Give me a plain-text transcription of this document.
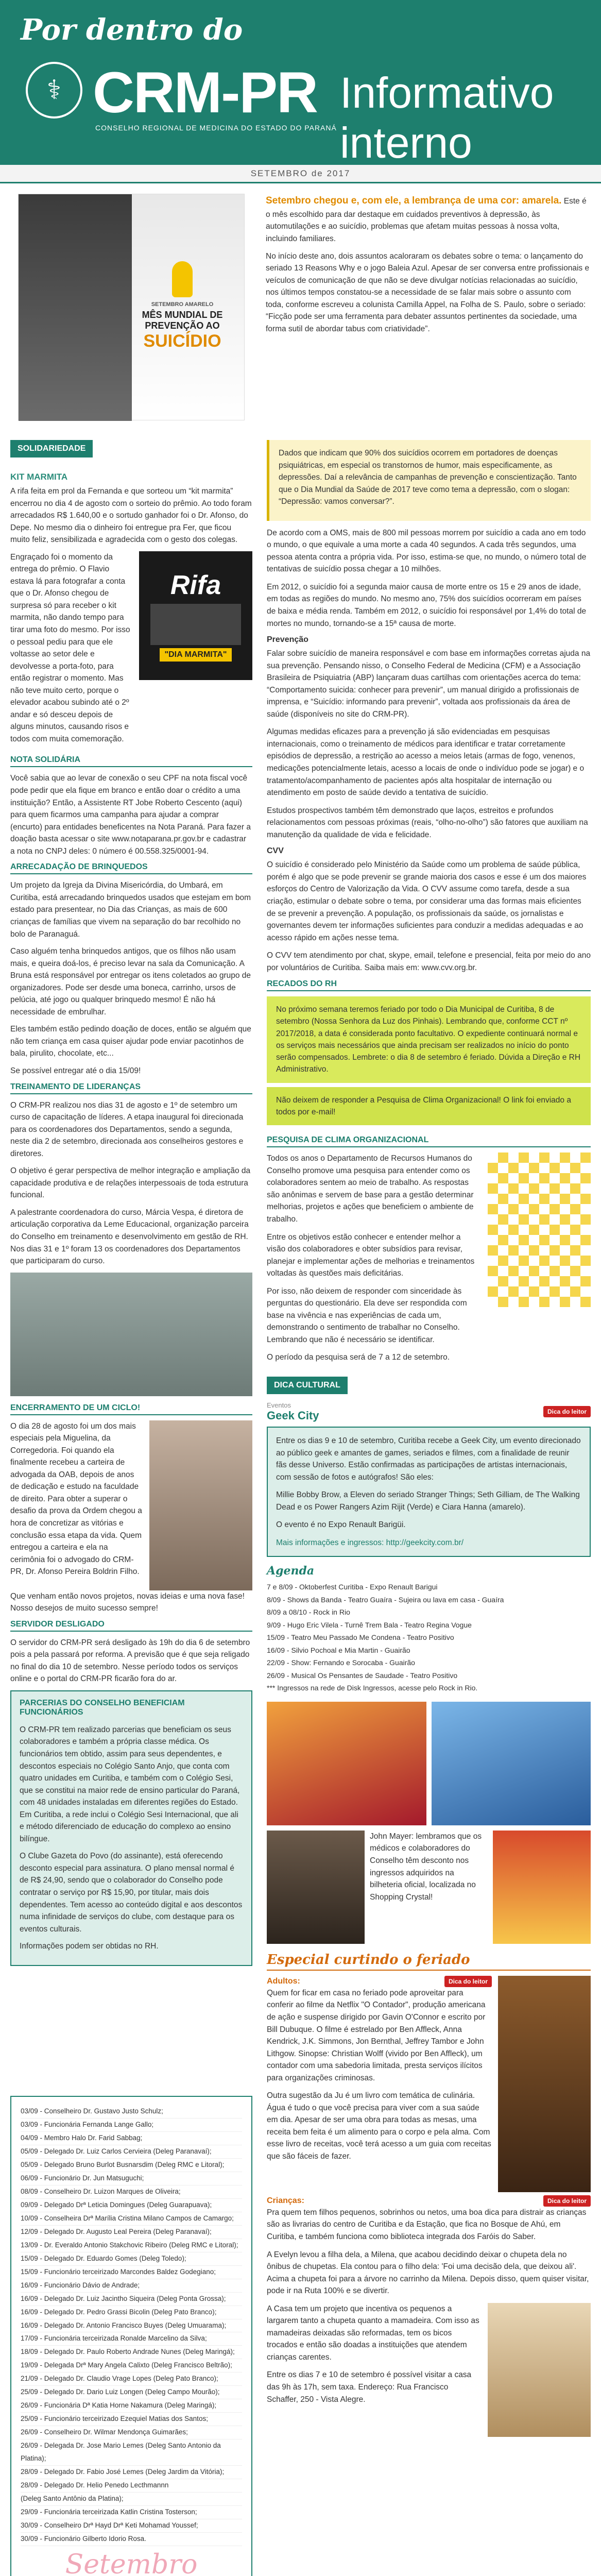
Por dentro do
⚕ CRM-PR
CONSELHO REGIONAL DE MEDICINA DO ESTADO DO PARANÁ
Informativo interno
SETEMBRO de 2017
SETEMBRO AMARELO
MÊS MUNDIAL DE PREVENÇÃO AO
SUICÍDIO

Setembro chegou e, com ele, a lembrança de uma cor: amarela. Este é o mês escolhido para dar destaque em cuidados preventivos à depressão, às automutilações e ao suicídio, problemas que afetam muitas pessoas à nossa volta, incluindo familiares.

No início deste ano, dois assuntos acaloraram os debates sobre o tema: o lançamento do seriado 13 Reasons Why e o jogo Baleia Azul. Apesar de ser conversa entre profissionais e veículos de comunicação de que não se deve divulgar notícias relacionadas ao suicídio, nos últimos tempos constatou-se a necessidade de se falar mais sobre o assunto com toda, conforme escreveu a colunista Camilla Appel, na Folha de S. Paulo, sobre o seriado: “Ficção pode ser uma ferramenta para debater assuntos pertinentes da sociedade, uma forma sutil de abordar tabus com criatividade”.

SOLIDARIEDADE
KIT MARMITA

A rifa feita em prol da Fernanda e que sorteou um “kit marmita” encerrou no dia 4 de agosto com o sorteio do prêmio. Ao todo foram arrecadados R$ 1.640,00 e o sortudo ganhador foi o Dr. Afonso, do Depe. No mesmo dia o dinheiro foi entregue pra Fer, que ficou muito feliz, sensibilizada e agradecida com o gesto dos colegas.

Engraçado foi o momento da entrega do prêmio. O Flavio estava lá para fotografar a conta que o Dr. Afonso chegou de surpresa só para receber o kit marmita, não dando tempo para tirar uma foto do mesmo. Por isso o pessoal pediu para que ele voltasse ao setor dele e devolvesse a porta-foto, para então registrar o momento. Mas não teve muito certo, porque o elevador acabou subindo até o 2º andar e só desceu depois de alguns minutos, causando risos e todos com muita comemoração.

Rifa
"DIA MARMITA"
NOTA SOLIDÁRIA

Você sabia que ao levar de conexão o seu CPF na nota fiscal você pode pedir que ela fique em branco e então doar o crédito a uma instituição? Então, a Assistente RT Jobe Roberto Cescento (aqui) para quem ficarmos uma campanha para ajudar a comprar (encurto) para entidades beneficentes na Nota Paraná. Para fazer a doação basta acessar o site www.notaparana.pr.gov.br e cadastrar a nota no CNPJ deles: 0 número é 00.558.325/0001-94.

ARRECADAÇÃO DE BRINQUEDOS

Um projeto da Igreja da Divina Misericórdia, do Umbará, em Curitiba, está arrecadando brinquedos usados que estejam em bom estado para presentear, no Dia das Crianças, as mais de 600 crianças de famílias que vivem na separação do bar recolhido no bolo de Paranaguá.

Caso alguém tenha brinquedos antigos, que os filhos não usam mais, e queira doá-los, é preciso levar na sala da Comunicação. A Bruna está responsável por entregar os itens coletados ao grupo de organizadores. Pode ser desde uma boneca, carrinho, ursos de pelúcia, até jogo ou qualquer brinquedo mesmo! É não há necessidade de embrulhar.

Eles também estão pedindo doação de doces, então se alguém que não tem criança em casa quiser ajudar pode enviar pacotinhos de bala, pirulito, chocolate, etc...

Se possível entregar até o dia 15/09!

TREINAMENTO DE LIDERANÇAS

O CRM-PR realizou nos dias 31 de agosto e 1º de setembro um curso de capacitação de líderes. A etapa inaugural foi direcionada para os coordenadores dos Departamentos, sendo a segunda, neste dia 2 de setembro, direcionada aos conselheiros gestores e diretores.

O objetivo é gerar perspectiva de melhor integração e ampliação da capacidade produtiva e de relações interpessoais de toda estrutura funcional.

A palestrante coordenadora do curso, Márcia Vespa, é diretora de articulação corporativa da Leme Educacional, organização parceira do Conselho em treinamento e desenvolvimento em gestão de RH. Nos dias 31 e 1º foram 13 os coordenadores dos Departamentos que participaram do curso.

ENCERRAMENTO DE UM CICLO!

O dia 28 de agosto foi um dos mais especiais pela Miguelina, da Corregedoria. Foi quando ela finalmente recebeu a carteira de advogada da OAB, depois de anos de dedicação e estudo na faculdade de direito. Para obter a superar o desafio da prova da Ordem chegou a hora de concretizar as vitórias e conclusão essa etapa da vida. Quem entregou a carteira e ela na cerimônia foi o advogado do CRM-PR, Dr. Afonso Pereira Boldrin Filho.

Que venham então novos projetos, novas ideias e uma nova fase! Nosso desejos de muito sucesso sempre!

SERVIDOR DESLIGADO

O servidor do CRM-PR será desligado às 19h do dia 6 de setembro pois a pela passará por reforma. A previsão que é que seja religado no final do dia 10 de setembro. Nesse período todos os serviços online e o portal do CRM-PR ficarão fora do ar.

PARCERIAS DO CONSELHO BENEFICIAM FUNCIONÁRIOS

O CRM-PR tem realizado parcerias que beneficiam os seus colaboradores e também a própria classe médica. Os funcionários tem obtido, assim para seus dependentes, e descontos especiais no Colégio Santo Anjo, que conta com quatro unidades em Curitiba, e também com o Colégio Sesi, que se constitui na maior rede de ensino particular do Paraná, com 48 unidades instaladas em diferentes regiões do Estado. Em Curitiba, a rede inclui o Colégio Sesi Internacional, que ali e método diferenciado de educação do complexo ao ensino bilíngue.

O Clube Gazeta do Povo (do assinante), está oferecendo desconto especial para assinatura. O plano mensal normal é de R$ 24,90, sendo que o colaborador do Conselho pode contratar o serviço por R$ 15,90, por titular, mais dois dependentes. Tem acesso ao conteúdo digital e aos descontos numa infinidade de serviços do clube, com destaque para os eventos culturais.

Informações podem ser obtidas no RH.

Dados que indicam que 90% dos suicídios ocorrem em portadores de doenças psiquiátricas, em especial os transtornos de humor, mais especificamente, as depressões. Daí a relevância de campanhas de prevenção e conscientização. Tanto que o Dia Mundial da Saúde de 2017 teve como tema a depressão, com o slogan: “Depressão: vamos conversar?”.

De acordo com a OMS, mais de 800 mil pessoas morrem por suicídio a cada ano em todo o mundo, o que equivale a uma morte a cada 40 segundos. A cada três segundos, uma pessoa atenta contra a própria vida. Por isso, estima-se que, no mundo, o número total de tentativas de suicídio possa chegar a 10 milhões.

Em 2012, o suicídio foi a segunda maior causa de morte entre os 15 e 29 anos de idade, em todas as regiões do mundo. No mesmo ano, 75% dos suicídios ocorreram em países de baixa e média renda. Também em 2012, o suicídio foi responsável por 1,4% do total de mortes no mundo, tornando-se a 15ª causa de morte.

Prevenção

Falar sobre suicídio de maneira responsável e com base em informações corretas ajuda na sua prevenção. Pensando nisso, o Conselho Federal de Medicina (CFM) e a Associação Brasileira de Psiquiatria (ABP) lançaram duas cartilhas com orientações acerca do tema: “Comportamento suicida: conhecer para prevenir”, um manual dirigido a profissionais de imprensa, e “Suicídio: informando para prevenir”, voltada aos profissionais da área de saúde (disponíveis no site do CRM-PR).

Algumas medidas eficazes para a prevenção já são evidenciadas em pesquisas internacionais, como o treinamento de médicos para identificar e tratar corretamente episódios de depressão, a restrição ao acesso a meios letais (armas de fogo, venenos, medicações potencialmente letais, acesso a locais de onde o indivíduo pode se jogar) e o tratamento/acompanhamento de pacientes após alta hospitalar de internação ou atendimento em posto de saúde devido a tentativa de suicídio.

Estudos prospectivos também têm demonstrado que laços, estreitos e profundos relacionamentos com pessoas próximas (reais, “olho-no-olho”) são fatores que auxiliam na manutenção da qualidade de vida e felicidade.

CVV

O suicídio é considerado pelo Ministério da Saúde como um problema de saúde pública, porém é algo que se pode prevenir se grande maioria dos casos e esse é um dos maiores esforços do Centro de Valorização da Vida. O CVV assume como tarefa, desde a sua criação, estimular o debate sobre o tema, por considerar uma das formas mais eficientes de se prevenir a prevenção. A população, os profissionais da saúde, os jornalistas e governantes devem ter informações suficientes para conduzir a medidas adequadas e ao acesso rápido em ações nesse tema.

O CVV tem atendimento por chat, skype, email, telefone e presencial, feita por meio do ano por voluntários de Curitiba. Saiba mais em: www.cvv.org.br.

RECADOS DO RH
No próximo semana teremos feriado por todo o Dia Municipal de Curitiba, 8 de setembro (Nossa Senhora da Luz dos Pinhais). Lembrando que, conforme CCT nº 2017/2018, a data é considerada ponto facultativo. O expediente continuará normal e os serviços mais necessários que ainda precisam ser realizados no início do ponto serão compensados. Lembrete: o dia 8 de setembro é feriado. Dúvida a Direção e RH Administrativo.
Não deixem de responder a Pesquisa de Clima Organizacional! O link foi enviado a todos por e-mail!
PESQUISA DE CLIMA ORGANIZACIONAL

Todos os anos o Departamento de Recursos Humanos do Conselho promove uma pesquisa para entender como os colaboradores sentem ao meio de trabalho. As respostas são anônimas e servem de base para a gestão determinar melhorias, projetos e ações que beneficiem o ambiente de trabalho.

Entre os objetivos estão conhecer e entender melhor a visão dos colaboradores e obter subsídios para revisar, planejar e implementar ações de melhorias e treinamentos voltadas às questões mais deficitárias.

Por isso, não deixem de responder com sinceridade às perguntas do questionário. Ela deve ser respondida com base na vivência e nas experiências de cada um, demonstrando o sentimento de trabalhar no Conselho. Lembrando que não é necessário se identificar.

O período da pesquisa será de 7 a 12 de setembro.

DICA CULTURAL
Eventos
Geek City	Dica do leitor

Entre os dias 9 e 10 de setembro, Curitiba recebe a Geek City, um evento direcionado ao público geek e amantes de games, seriados e filmes, com a finalidade de reunir fãs desse Universo. Estão confirmadas as participações de artistas internacionais, com sessão de fotos e autógrafos! São eles:

Millie Bobby Brow, a Eleven do seriado Stranger Things; Seth Gilliam, de The Walking Dead e os Power Rangers Azim Rijit (Verde) e Ciara Hanna (amarelo).

O evento é no Expo Renault Barigüi.

Mais informações e ingressos: http://geekcity.com.br/

Agenda
7 e 8/09 - Oktoberfest Curitiba - Expo Renault Barigui
8/09 - Shows da Banda - Teatro Guaíra - Sujeira ou lava em casa - Guaíra
8/09 a 08/10 - Rock in Rio
9/09 - Hugo Eric Vilela - Turnê Trem Bala - Teatro Regina Vogue
15/09 - Teatro Meu Passado Me Condena - Teatro Positivo
16/09 - Silvio Pochoal e Mia Martin - Guairão
22/09 - Show: Fernando e Sorocaba - Guairão
26/09 - Musical Os Pensantes de Saudade - Teatro Positivo
*** Ingressos na rede de Disk Ingressos, acesse pelo Rock in Rio.

John Mayer: lembramos que os médicos e colaboradores do Conselho têm desconto nos ingressos adquiridos na bilheteria oficial, localizada no Shopping Crystal!

Especial curtindo o feriado
Adultos:	Dica do leitor

Quem for ficar em casa no feriado pode aproveitar para conferir ao filme da Netflix "O Contador", produção americana de ação e suspense dirigido por Gavin O'Connor e escrito por Bill Dubuque. O filme é estrelado por Ben Affleck, Anna Kendrick, J.K. Simmons, Jon Bernthal, Jeffrey Tambor e John Lithgow. Sinopse: Christian Wolff (vivido por Ben Affleck), um contador com uma sabedoria limitada, presta serviços ilícitos para organizações criminosas.

Outra sugestão da Ju é um livro com temática de culinária. Água é tudo o que você precisa para viver com a sua saúde em dia. Apesar de ser uma obra para todas as mesas, uma receita bem feita é um alimento para o corpo e pela alma. Com esse livro de receitas, você terá acesso a um guia com receitas que são fáceis de fazer.

Crianças:	Dica do leitor

Pra quem tem filhos pequenos, sobrinhos ou netos, uma boa dica para distrair as crianças são as livrarias do centro de Curitiba e da Estação, que fica no Bosque de Ahú, em Curitiba, e também funciona como biblioteca integrada dos Faróis do Saber.

A Evelyn levou a filha dela, a Milena, que acabou decidindo deixar o chupeta dela no ônibus de chupetas. Ela contou para o filho dela: 'Foi uma decisão dela, que deixou ali'. Acima a chupeta foi para a árvore no carrinho da Milena. Depois disso, quem quiser visitar, pode ir na Ruta 100% e se divertir.

A Casa tem um projeto que incentiva os pequenos a largarem tanto a chupeta quanto a mamadeira. Com isso as mamadeiras deixadas são reformadas, tem os bicos trocados e então são doadas a instituições que atendem crianças carentes.

Entre os dias 7 e 10 de setembro é possível visitar a casa das 9h às 17h, sem taxa. Endereço: Rua Francisco Schaffer, 250 - Vista Alegre.

03/09 - Conselheiro Dr. Gustavo Justo Schulz;
03/09 - Funcionária Fernanda Lange Gallo;
04/09 - Membro Halo Dr. Farid Sabbag;
05/09 - Delegado Dr. Luiz Carlos Cervieira (Deleg Paranavaí);
05/09 - Delegado Bruno Burlot Busnarsdim (Deleg RMC e Litoral);
06/09 - Funcionário Dr. Jun Matsuguchi;
08/09 - Conselheiro Dr. Luizon Marques de Oliveira;
09/09 - Delegado Drª Leticia Domingues (Deleg Guarapuava);
10/09 - Conselheira Drª Marília Cristina Milano Campos de Camargo;
12/09 - Delegado Dr. Augusto Leal Pereira (Deleg Paranavaí);
13/09 - Dr. Everaldo Antonio Stakchovic Ribeiro (Deleg RMC e Litoral);
15/09 - Delegado Dr. Eduardo Gomes (Deleg Toledo);
15/09 - Funcionário terceirizado Marcondes Baldez Godegiano;
16/09 - Funcionário Dávio de Andrade;
16/09 - Delegado Dr. Luiz Jacintho Siqueira (Deleg Ponta Grossa);
16/09 - Delegado Dr. Pedro Grassi Bicolin (Deleg Pato Branco);
16/09 - Delegado Dr. Antonio Francisco Buyes (Deleg Umuarama);
17/09 - Funcionária terceirizada Ronalde Marcelino da Silva;
18/09 - Delegado Dr. Paulo Roberto Andrade Nunes (Deleg Maringá);
19/09 - Delegada Drª Mary Angela Calixto (Deleg Francisco Beltrão);
21/09 - Delegado Dr. Claudio Vrage Lopes (Deleg Pato Branco);
25/09 - Delegado Dr. Dario Luiz Longen (Deleg Campo Mourão);
26/09 - Funcionária Dª Katia Horne Nakamura (Deleg Maringá);
25/09 - Funcionário terceirizado Ezequiel Matias dos Santos;
26/09 - Conselheiro Dr. Wilmar Mendonça Guimarães;
26/09 - Delegada Dr. Jose Mario Lemes (Deleg Santo Antonio da Platina);
28/09 - Delegado Dr. Fabio José Lemes (Deleg Jardim da Vitória);
28/09 - Delegado Dr. Helio Penedo Lecthmannn
(Deleg Santo Antônio da Platina);
29/09 - Funcionária terceirizada Katlin Cristina Tosterson;
30/09 - Conselheiro Drª Hayd Drª Keti Mohamad Youssef;
30/09 - Funcionário Gilberto Idorio Rosa.
Setembro
